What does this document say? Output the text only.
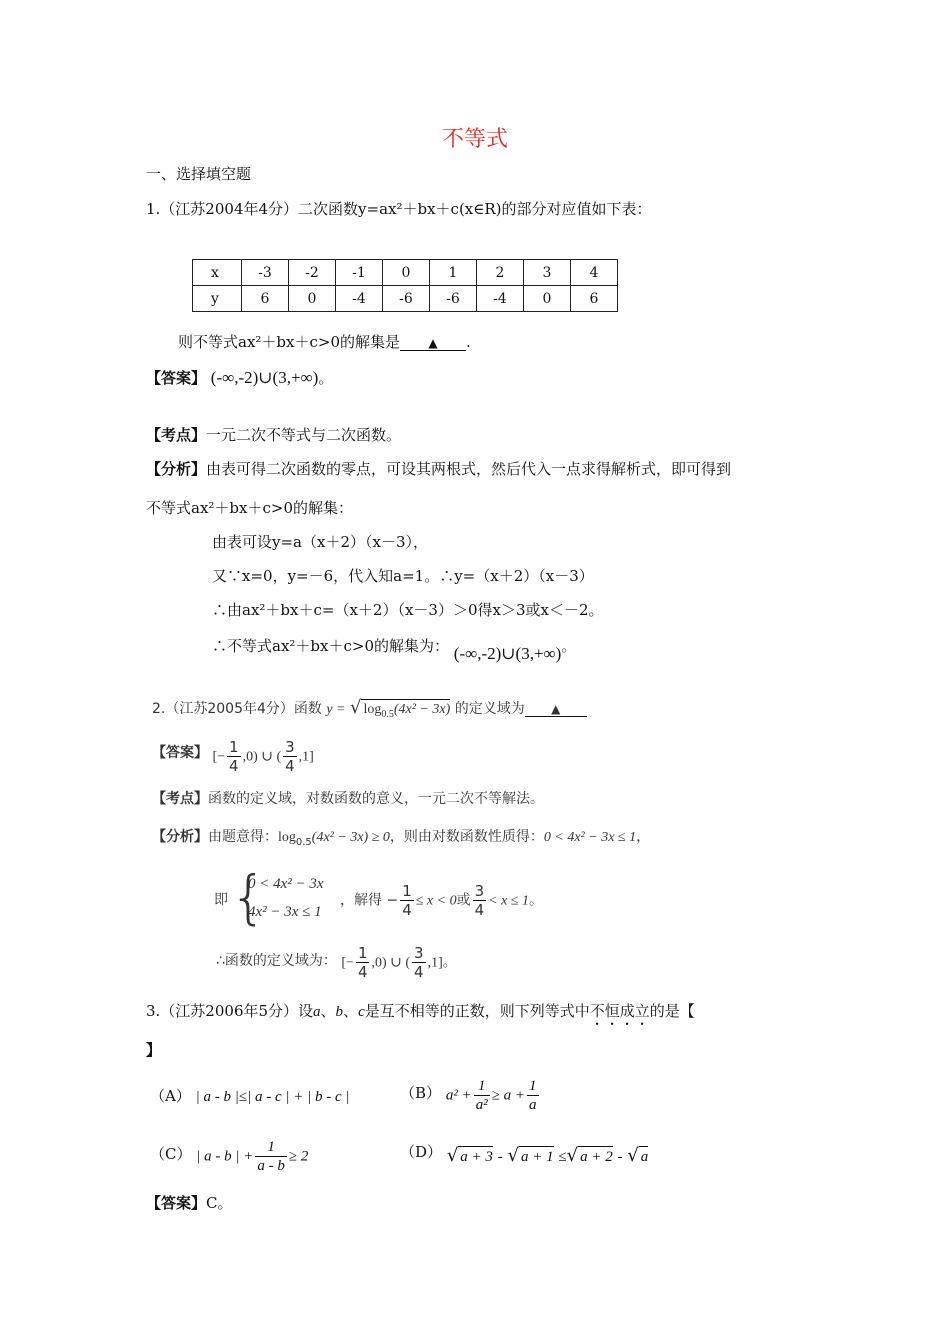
不等式
一、选择填空题
1.（江苏2004年4分）二次函数y=ax²＋bx＋c(x∈R)的部分对应值如下表：
x	-3	-2	-1	0	1	2	3	4
y	6	0	-4	-6	-6	-4	0	6
则不等式ax²＋bx＋c>0的解集是 ▲ .
【答案】 (-∞,-2)∪(3,+∞)。
【考点】一元二次不等式与二次函数。
【分析】由表可得二次函数的零点，可设其两根式，然后代入一点求得解析式，即可得到
不等式ax²＋bx＋c>0的解集：
由表可设y=a（x＋2）（x－3），
又∵x=0，y=－6，代入知a=1。∴y=（x＋2）（x－3）
∴由ax²＋bx＋c=（x＋2）（x－3）＞0得x＞3或x＜－2。
∴不等式ax²＋bx＋c>0的解集为： (-∞,-2)∪(3,+∞)。
2.（江苏2005年4分）函数 y = √ $\log_{0.5}(4x^2 - 3x)$ 的定义域为 ▲
【答案】 [− $\frac{1}{4} ,0$) ∪ ( $\frac{3}{4} ,1$]
【考点】函数的定义域，对数函数的意义，一元二次不等解法。
【分析】由题意得：$\log_{0.5}(4x^2 - 3x) \ge 0$，则由对数函数性质得：0 < 4x² − 3x ≤ 1，
即 {
0 < 4x² − 3x
4x² − 3x ≤ 1
，解得 − $\frac{1}{4} \le x < 0$或 $\frac{3}{4} < x \le 1$。
∴函数的定义域为： [− $\frac{1}{4} ,0$) ∪ ( $\frac{3}{4} ,1$]。
3.（江苏2006年5分）设a、b、c是互不相等的正数，则下列等式中不恒成立的是【
】
（A） | a - b |≤| a - c | + | b - c |	（B） $a^2 + \frac{1}{\text{a²}} \ge a + \frac{1}{a}$
（C） | a - b | + $\frac{1}{a - b} \ge 2$	（D） √ a + 3 - √ a + 1 ≤√ a + 2 - √ a
【答案】C。
